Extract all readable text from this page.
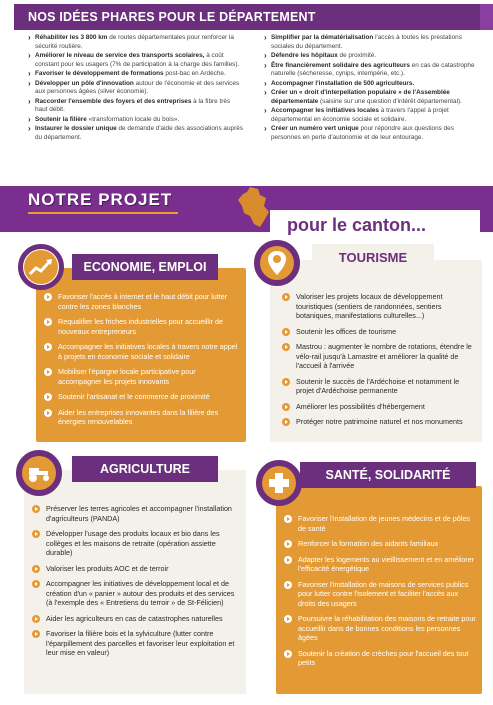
NOS IDÉES PHARES POUR LE DÉPARTEMENT
› Réhabiliter les 3 800 km de routes départementales pour renforcer la sécurité routière.
› Améliorer le niveau de service des transports scolaires, à coût constant pour les usagers (7% de participation à la charge des familles).
› Favoriser le développement de formations post-bac en Ardèche.
› Développer un pôle d'innovation autour de l'économie et des services aux personnes âgées (silver économie).
› Raccorder l'ensemble des foyers et des entreprises à la fibre très haut débit.
› Soutenir la filière «transformation locale du bois».
› Instaurer le dossier unique de demande d'aide des associations auprès du département.
› Simplifier par la dématérialisation l'accès à toutes les prestations sociales du département.
› Défendre les hôpitaux de proximité.
› Être financièrement solidaire des agriculteurs en cas de catastrophe naturelle (sécheresse, cynips, intempérie, etc.).
› Accompagner l'installation de 500 agriculteurs.
› Créer un « droit d'interpellation populaire » de l'Assemblée départementale (saisine sur une question d'intérêt départemental).
› Accompagner les initiatives locales à travers l'appel à projet départemental en économie sociale et solidaire.
› Créer un numéro vert unique pour répondre aux questions des personnes en perte d'autonomie et de leur entourage.
NOTRE PROJET
pour le canton...
ECONOMIE, EMPLOI
Favoriser l'accès à internet et le haut débit pour lutter contre les zones blanches
Requalifier les friches industrielles pour accueillir de nouveaux entrepreneurs
Accompagner les initiatives locales à travers notre appel à projets en économie sociale et solidaire
Mobiliser l'épargne locale participative pour accompagner les projets innovants
Soutenir l'artisanat et le commerce de proximité
Aider les entreprises innovantes dans la filière des énergies renouvelables
TOURISME
Valoriser les projets locaux de développement touristiques (sentiers de randonnées, sentiers botaniques, manifestations culturelles...)
Soutenir les offices de tourisme
Mastrou : augmenter le nombre de rotations, étendre le vélo-rail jusqu'à Lamastre et améliorer la qualité de l'accueil à l'arrivée
Soutenir le succès de l'Ardéchoise et notamment le projet d'Ardéchoise permanente
Améliorer les possibilités d'hébergement
Protéger notre patrimoine naturel et nos monuments
AGRICULTURE
Préserver les terres agricoles et accompagner l'installation d'agriculteurs (PANDA)
Développer l'usage des produits locaux et bio dans les collèges et les maisons de retraite (opération assiette durable)
Valoriser les produits AOC et de terroir
Accompagner les initiatives de développement local et de création d'un « panier » autour des produits et des services (à l'exemple des « Entretiens du terroir » de St-Félicien)
Aider les agriculteurs en cas de catastrophes naturelles
Favoriser la filière bois et la sylviculture (lutter contre l'éparpillement des parcelles et favoriser leur exploitation et leur mise en valeur)
SANTÉ, SOLIDARITÉ
Favoriser l'installation de jeunes médecins et de pôles de santé
Renforcer la formation des aidants familiaux
Adapter les logements au vieillissement et en améliorer l'efficacité énergétique
Favoriser l'installation de maisons de services publics pour lutter contre l'isolement et faciliter l'accès aux droits des usagers
Poursuivre la réhabilitation des maisons de retraite pour accueillir dans de bonnes conditions les personnes âgées
Soutenir la création de crèches pour l'accueil des tout petits
